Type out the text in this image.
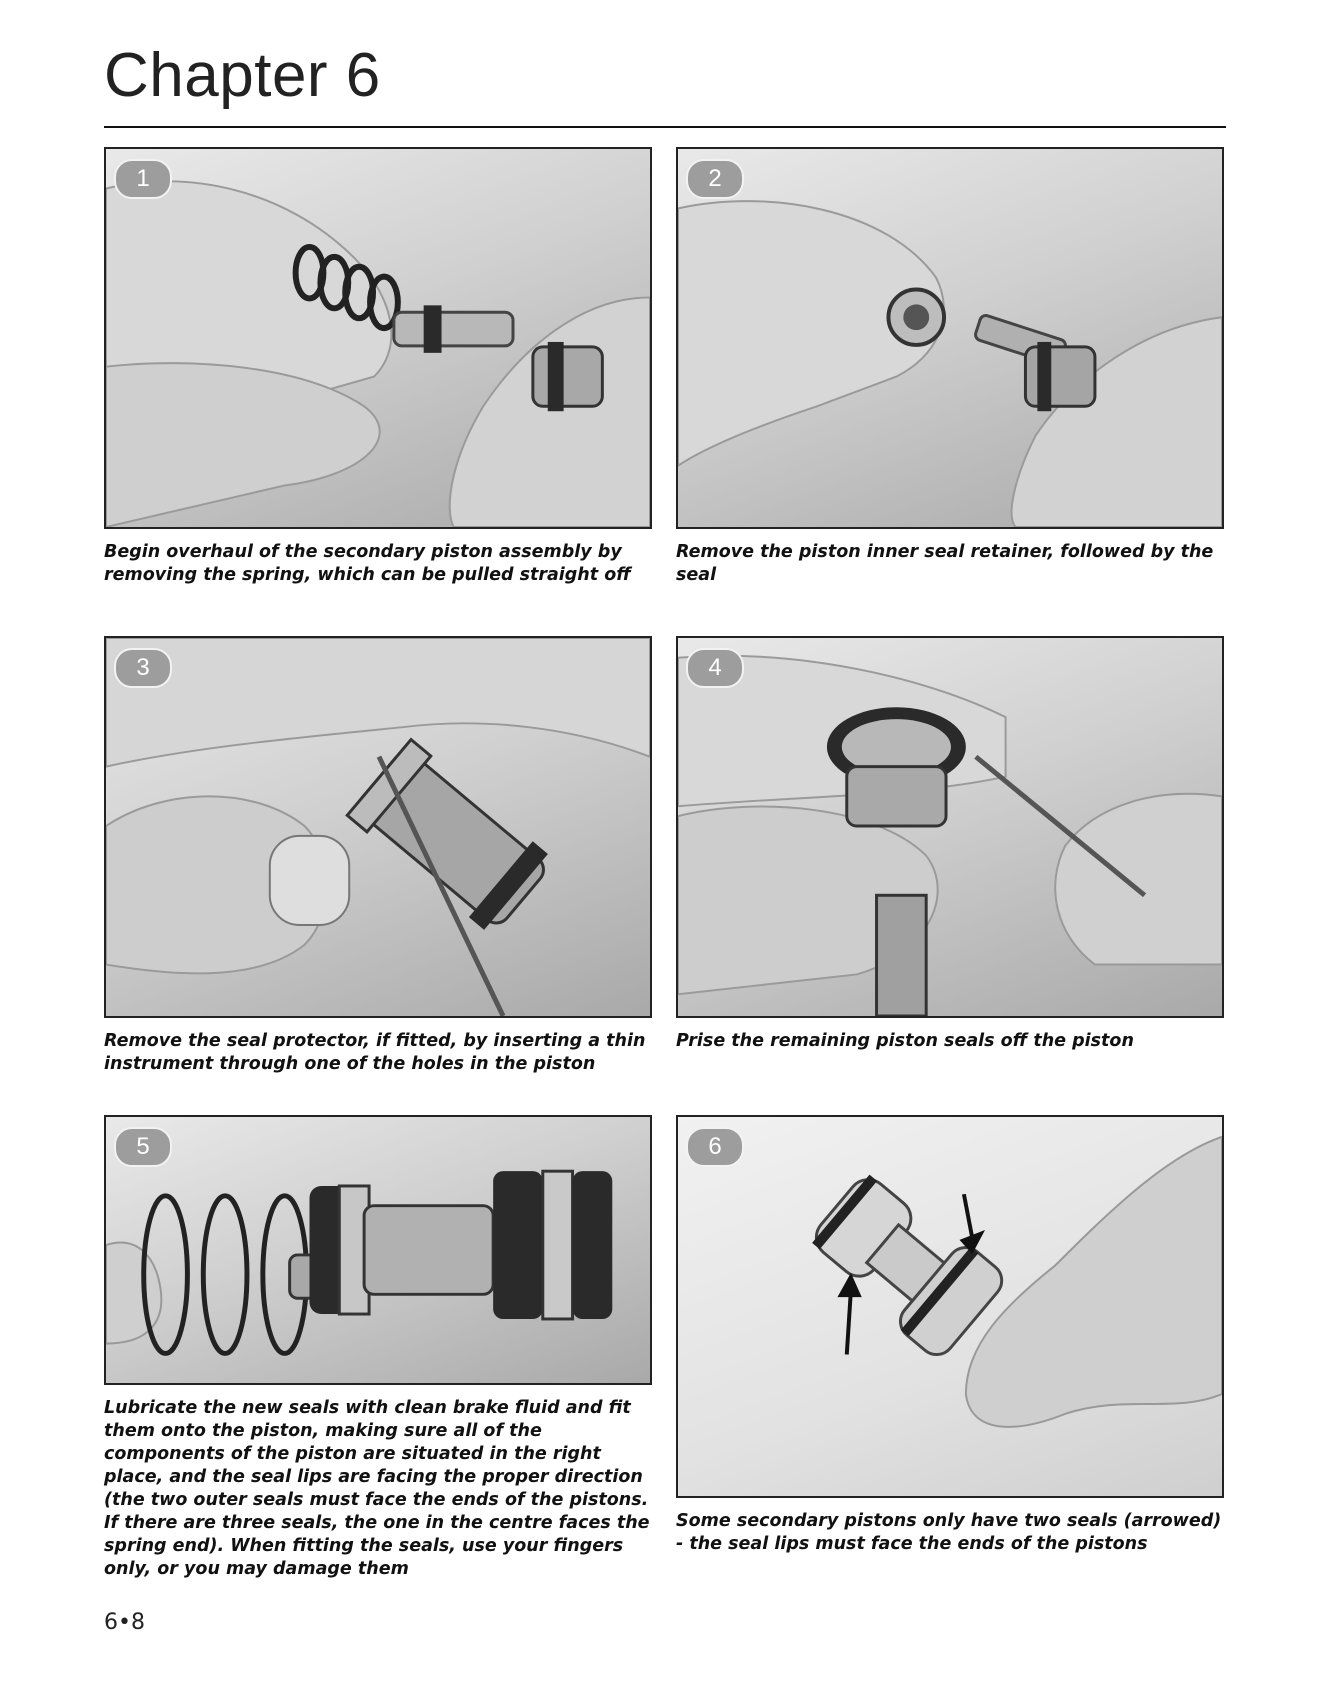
Chapter 6
1
Begin overhaul of the secondary piston assembly by removing the spring, which can be pulled straight off
2
Remove the piston inner seal retainer, followed by the seal
3
Remove the seal protector, if fitted, by inserting a thin instrument through one of the holes in the piston
4
Prise the remaining piston seals off the piston
5
Lubricate the new seals with clean brake fluid and fit them onto the piston, making sure all of the components of the piston are situated in the right place, and the seal lips are facing the proper direction (the two outer seals must face the ends of the pistons. If there are three seals, the one in the centre faces the spring end). When fitting the seals, use your fingers only, or you may damage them
6
Some secondary pistons only have two seals (arrowed) - the seal lips must face the ends of the pistons
6•8
